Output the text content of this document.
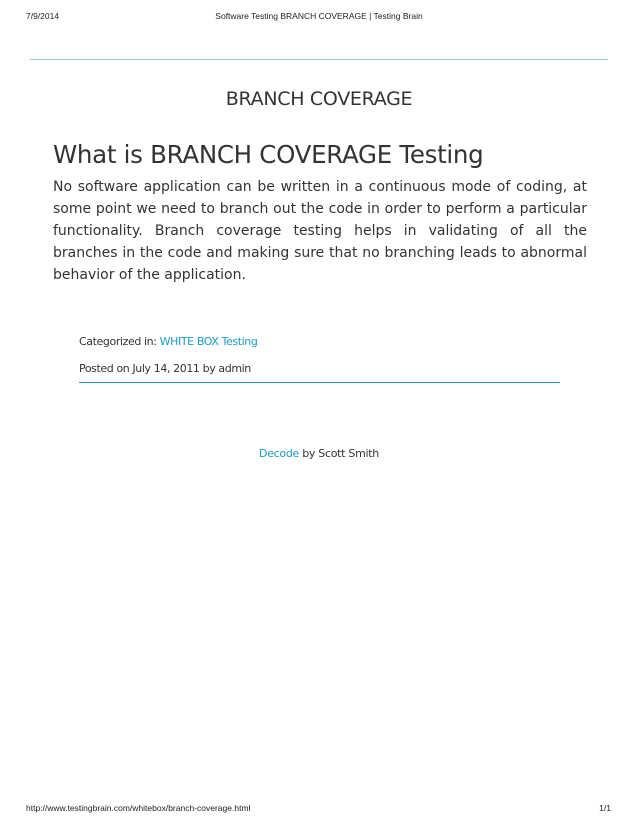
7/9/2014	Software Testing BRANCH COVERAGE | Testing Brain
BRANCH COVERAGE
What is BRANCH COVERAGE Testing

No software application can be written in a continuous mode of coding, at some point we need to branch out the code in order to perform a particular functionality. Branch coverage testing helps in validating of all the branches in the code and making sure that no branching leads to abnormal behavior of the application.

Categorized in: WHITE BOX Testing
Posted on July 14, 2011 by admin
Decode by Scott Smith
http://www.testingbrain.com/whitebox/branch-coverage.html	1/1
